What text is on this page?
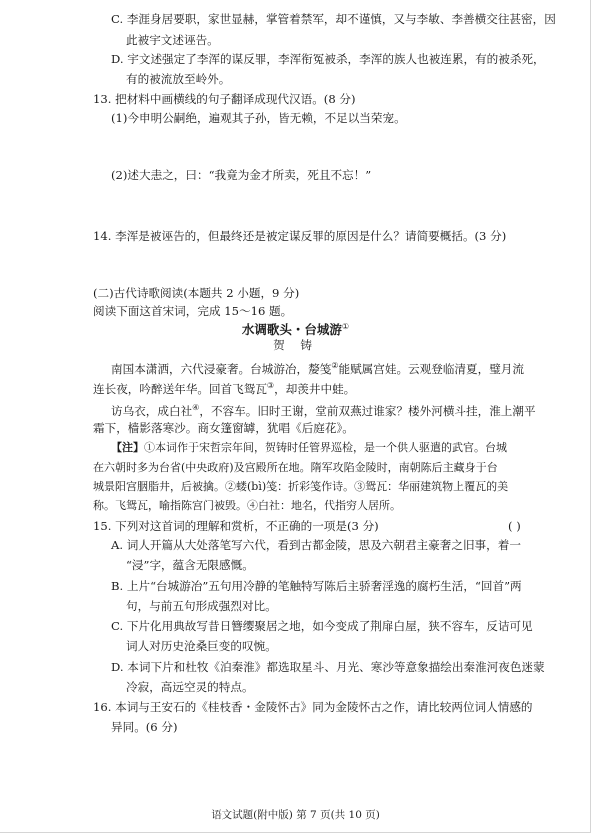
C. 李涯身居要职，家世显赫，掌管着禁军，却不谨慎，又与李敏、李善横交往甚密，因
此被宇文述诬告。
D. 宇文述强定了李浑的谋反罪，李浑衔冤被杀，李浑的族人也被连累，有的被杀死，
有的被流放至岭外。
13. 把材料中画横线的句子翻译成现代汉语。(8 分)
(1)今申明公嗣绝，遍观其子孙，皆无赖，不足以当荣宠。
(2)述大恚之，曰：“我竟为金才所卖，死且不忘！”
14. 李浑是被诬告的，但最终还是被定谋反罪的原因是什么？请简要概括。(3 分)
(二)古代诗歌阅读(本题共 2 小题，9 分)
阅读下面这首宋词，完成 15～16 题。
水调歌头・台城游①
贺 铸
南国本潇洒，六代浸豪奢。台城游冶，嫠笺②能赋属宫娃。云观登临清夏，璧月流
连长夜，吟醉送年华。回首飞鸳瓦③，却羡井中蛙。
访乌衣，成白社④，不容车。旧时王谢，堂前双燕过谁家？楼外河横斗挂，淮上潮平
霜下，樯影落寒沙。商女篷窗罅，犹唱《后庭花》。
【注】①本词作于宋哲宗年间，贺铸时任管界巡检，是一个供人驱遣的武官。台城
在六朝时多为台省(中央政府)及宫殿所在地。隋军攻陷金陵时，南朝陈后主藏身于台
城景阳宫胭脂井，后被擒。②蝼(bì)笺：折彩笺作诗。③鸳瓦：华丽建筑物上覆瓦的美
称。飞鸳瓦，喻指陈宫门被毁。④白社：地名，代指穷人居所。
15. 下列对这首词的理解和赏析，不正确的一项是(3 分)	( )
A. 词人开篇从大处落笔写六代，看到古都金陵，思及六朝君主豪奢之旧事，着一
“浸”字，蕴含无限感慨。
B. 上片“台城游冶”五句用冷静的笔触特写陈后主骄奢淫逸的腐朽生活，“回首”两
句，与前五句形成强烈对比。
C. 下片化用典故写昔日簪缨聚居之地，如今变成了荆扉白屋，狭不容车，反诘可见
词人对历史沧桑巨变的叹惋。
D. 本词下片和杜牧《泊秦淮》都选取星斗、月光、寒沙等意象描绘出秦淮河夜色迷蒙
冷寂，高远空灵的特点。
16. 本词与王安石的《桂枝香・金陵怀古》同为金陵怀古之作，请比较两位词人情感的
异同。(6 分)
语文试题(附中版) 第 7 页(共 10 页)
